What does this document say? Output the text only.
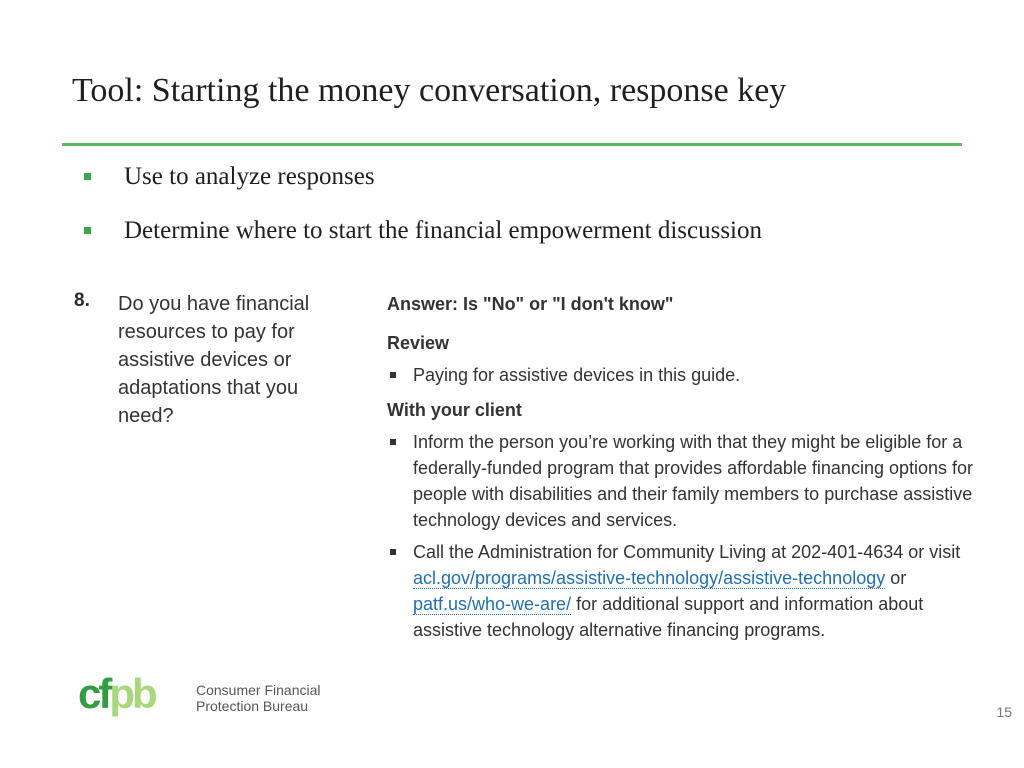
Tool: Starting the money conversation, response key
Use to analyze responses
Determine where to start the financial empowerment discussion
8. Do you have financial resources to pay for assistive devices or adaptations that you need?
Answer: Is "No" or "I don't know"
Review
Paying for assistive devices in this guide.
With your client
Inform the person you’re working with that they might be eligible for a federally-funded program that provides affordable financing options for people with disabilities and their family members to purchase assistive technology devices and services.
Call the Administration for Community Living at 202-401-4634 or visit acl.gov/programs/assistive-technology/assistive-technology or patf.us/who-we-are/ for additional support and information about assistive technology alternative financing programs.
cfpb	Consumer Financial
Protection Bureau	15
